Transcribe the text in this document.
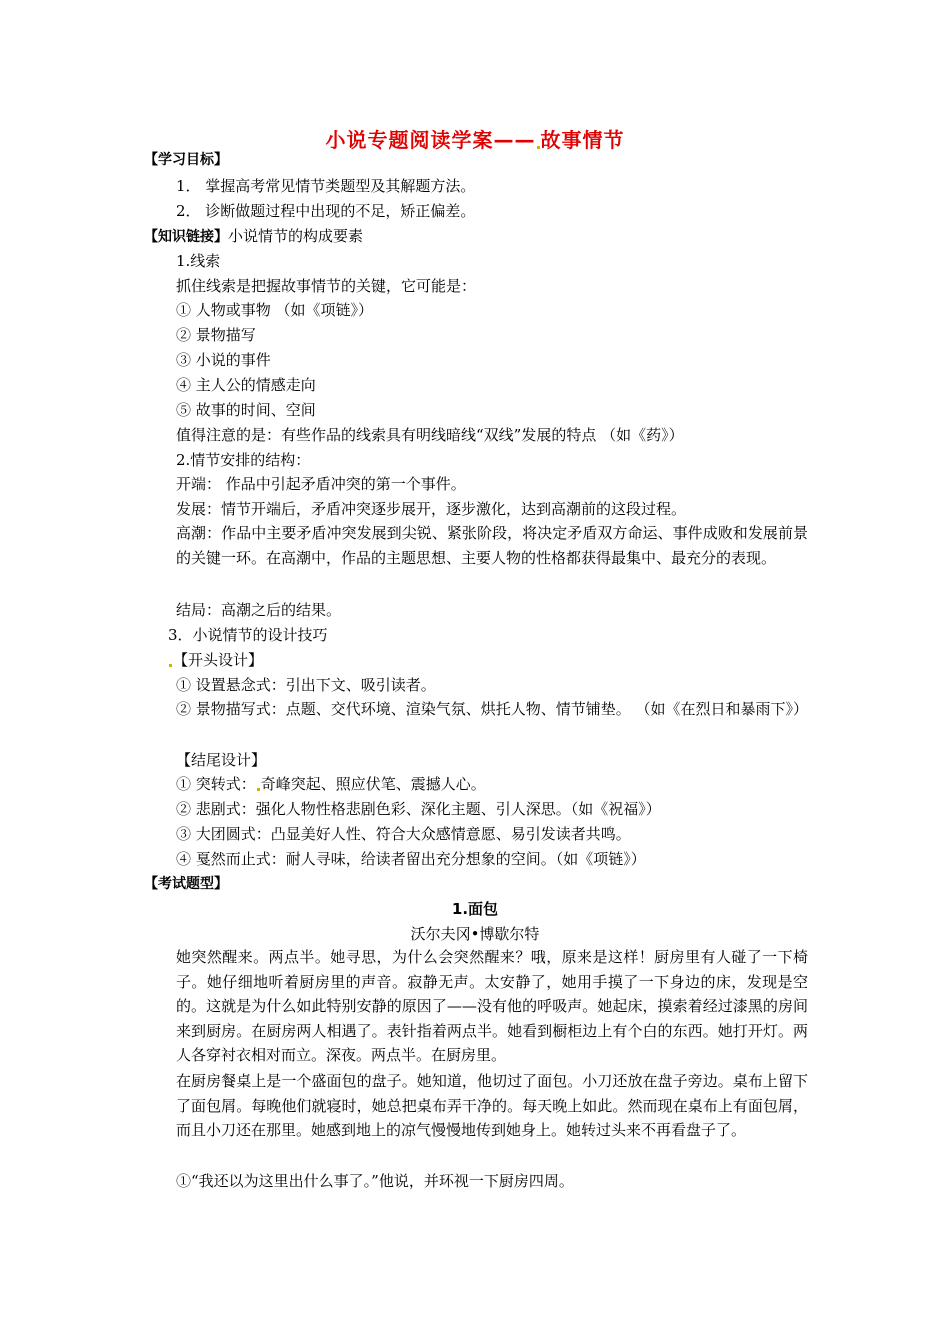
小说专题阅读学案—— 故事情节
【学习目标】
1． 掌握高考常见情节类题型及其解题方法。
2． 诊断做题过程中出现的不足，矫正偏差。
【知识链接】小说情节的构成要素
1.线索
抓住线索是把握故事情节的关键，它可能是：
① 人物或事物 （如《项链》）
② 景物描写
③ 小说的事件
④ 主人公的情感走向
⑤ 故事的时间、空间
值得注意的是：有些作品的线索具有明线暗线“双线”发展的特点 （如《药》）
2.情节安排的结构：
开端： 作品中引起矛盾冲突的第一个事件。
发展：情节开端后，矛盾冲突逐步展开，逐步激化，达到高潮前的这段过程。
高潮：作品中主要矛盾冲突发展到尖锐、紧张阶段，将决定矛盾双方命运、事件成败和发展前景的关键一环。在高潮中，作品的主题思想、主要人物的性格都获得最集中、最充分的表现。
结局：高潮之后的结果。
3．小说情节的设计技巧
【开头设计】
① 设置悬念式：引出下文、吸引读者。
② 景物描写式：点题、交代环境、渲染气氛、烘托人物、情节铺垫。 （如《在烈日和暴雨下》）
【结尾设计】
① 突转式： 奇峰突起、照应伏笔、震撼人心。
② 悲剧式：强化人物性格悲剧色彩、深化主题、引人深思。（如《祝福》）
③ 大团圆式：凸显美好人性、符合大众感情意愿、易引发读者共鸣。
④ 戛然而止式：耐人寻味，给读者留出充分想象的空间。（如《项链》）
【考试题型】
1.面包
沃尔夫冈•博歇尔特
她突然醒来。两点半。她寻思，为什么会突然醒来？哦，原来是这样！厨房里有人碰了一下椅子。她仔细地听着厨房里的声音。寂静无声。太安静了，她用手摸了一下身边的床，发现是空的。这就是为什么如此特别安静的原因了——没有他的呼吸声。她起床，摸索着经过漆黑的房间来到厨房。在厨房两人相遇了。表针指着两点半。她看到橱柜边上有个白的东西。她打开灯。两人各穿衬衣相对而立。深夜。两点半。在厨房里。
在厨房餐桌上是一个盛面包的盘子。她知道，他切过了面包。小刀还放在盘子旁边。桌布上留下了面包屑。每晚他们就寝时，她总把桌布弄干净的。每天晚上如此。然而现在桌布上有面包屑，而且小刀还在那里。她感到地上的凉气慢慢地传到她身上。她转过头来不再看盘子了。
①“我还以为这里出什么事了。”他说，并环视一下厨房四周。
